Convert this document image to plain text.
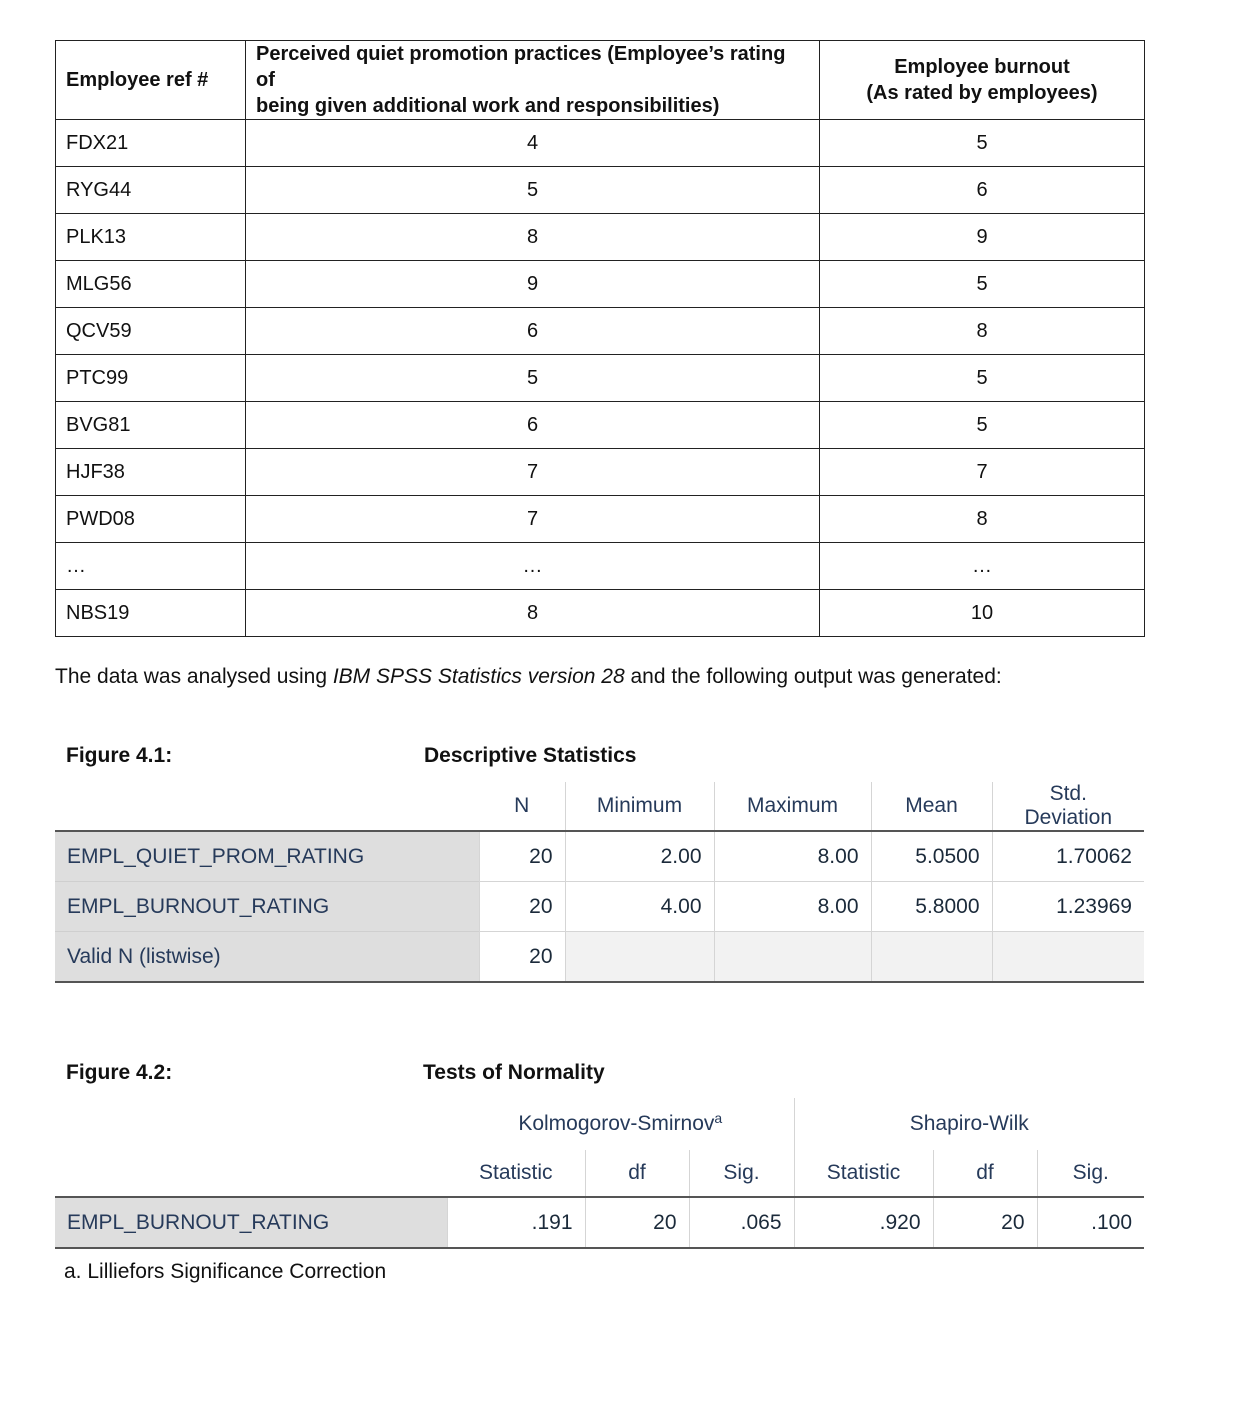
Employee ref #	Perceived quiet promotion practices (Employee’s rating of
being given additional work and responsibilities)	Employee burnout
(As rated by employees)
FDX21	4	5
RYG44	5	6
PLK13	8	9
MLG56	9	5
QCV59	6	8
PTC99	5	5
BVG81	6	5
HJF38	7	7
PWD08	7	8
…	…	…
NBS19	8	10
The data was analysed using IBM SPSS Statistics version 28 and the following output was generated:
Figure 4.1:	Descriptive Statistics
	N	Minimum	Maximum	Mean	Std. Deviation
EMPL_QUIET_PROM_RATING	20	2.00	8.00	5.0500	1.70062
EMPL_BURNOUT_RATING	20	4.00	8.00	5.8000	1.23969
Valid N (listwise)	20				
Figure 4.2:	Tests of Normality
	Kolmogorov-Smirnov$^a$			Shapiro-Wilk		
	Statistic	df	Sig.	Statistic	df	Sig.
EMPL_BURNOUT_RATING	.191	20	.065	.920	20	.100
a. Lilliefors Significance Correction
